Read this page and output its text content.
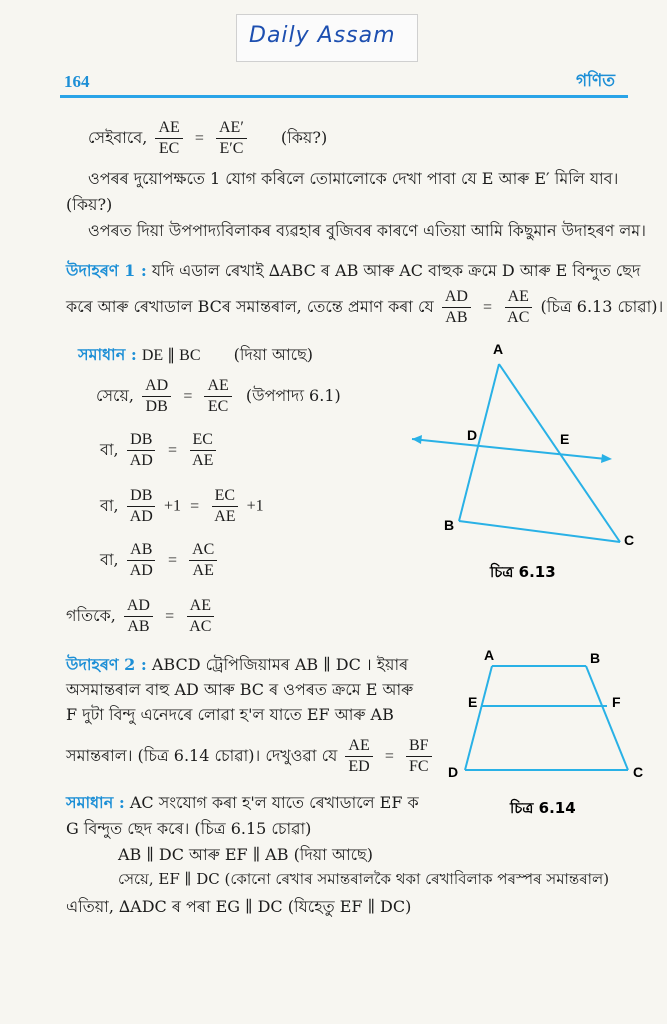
Daily Assam
164	গণিত
সেইবাবে, $\frac{AE}{EC} = \frac{AE'}{E'C}$ (কিয়?)
ওপৰৰ দুয়োপক্ষতে 1 যোগ কৰিলে তোমালোকে দেখা পাবা যে E আৰু E′ মিলি যাব।
(কিয়?)
ওপৰত দিয়া উপপাদ্যবিলাকৰ ব্যৱহাৰ বুজিবৰ কাৰণে এতিয়া আমি কিছুমান উদাহৰণ লম।
উদাহৰণ 1 : যদি এডাল ৰেখাই ∆ABC ৰ AB আৰু AC বাহুক ক্ৰমে D আৰু E বিন্দুত ছেদ
কৰে আৰু ৰেখাডাল BCৰ সমান্তৰাল, তেন্তে প্ৰমাণ কৰা যে $\frac{AD}{AB} = \frac{AE}{AC}$ (চিত্ৰ 6.13 চোৱা)।
সমাধান : DE ∥ BC (দিয়া আছে)
সেয়ে, $\frac{AD}{DB} = \frac{AE}{EC}$ (উপপাদ্য 6.1)
বা, $\frac{DB}{AD} = \frac{EC}{AE}$
বা, $\frac{DB}{AD} +1 = \frac{EC}{AE} +1$
বা, $\frac{AB}{AD} = \frac{AC}{AE}$
গতিকে, $\frac{AD}{AB} = \frac{AE}{AC}$
উদাহৰণ 2 : ABCD ট্ৰেপিজিয়ামৰ AB ∥ DC । ইয়াৰ
অসমান্তৰাল বাহু AD আৰু BC ৰ ওপৰত ক্ৰমে E আৰু
F দুটা বিন্দু এনেদৰে লোৱা হ'ল যাতে EF আৰু AB
সমান্তৰাল। (চিত্ৰ 6.14 চোৱা)। দেখুওৱা যে $\frac{AE}{ED} = \frac{BF}{FC}$
সমাধান : AC সংযোগ কৰা হ'ল যাতে ৰেখাডালে EF ক
G বিন্দুত ছেদ কৰে। (চিত্ৰ 6.15 চোৱা)
AB ∥ DC আৰু EF ∥ AB (দিয়া আছে)
সেয়ে, EF ∥ DC (কোনো ৰেখাৰ সমান্তৰালকৈ থকা ৰেখাবিলাক পৰস্পৰ সমান্তৰাল)
এতিয়া, ∆ADC ৰ পৰা EG ∥ DC (যিহেতু EF ∥ DC)
A
D	E
B
C
চিত্ৰ 6.13
A	B
E	F
D	C
চিত্ৰ 6.14
